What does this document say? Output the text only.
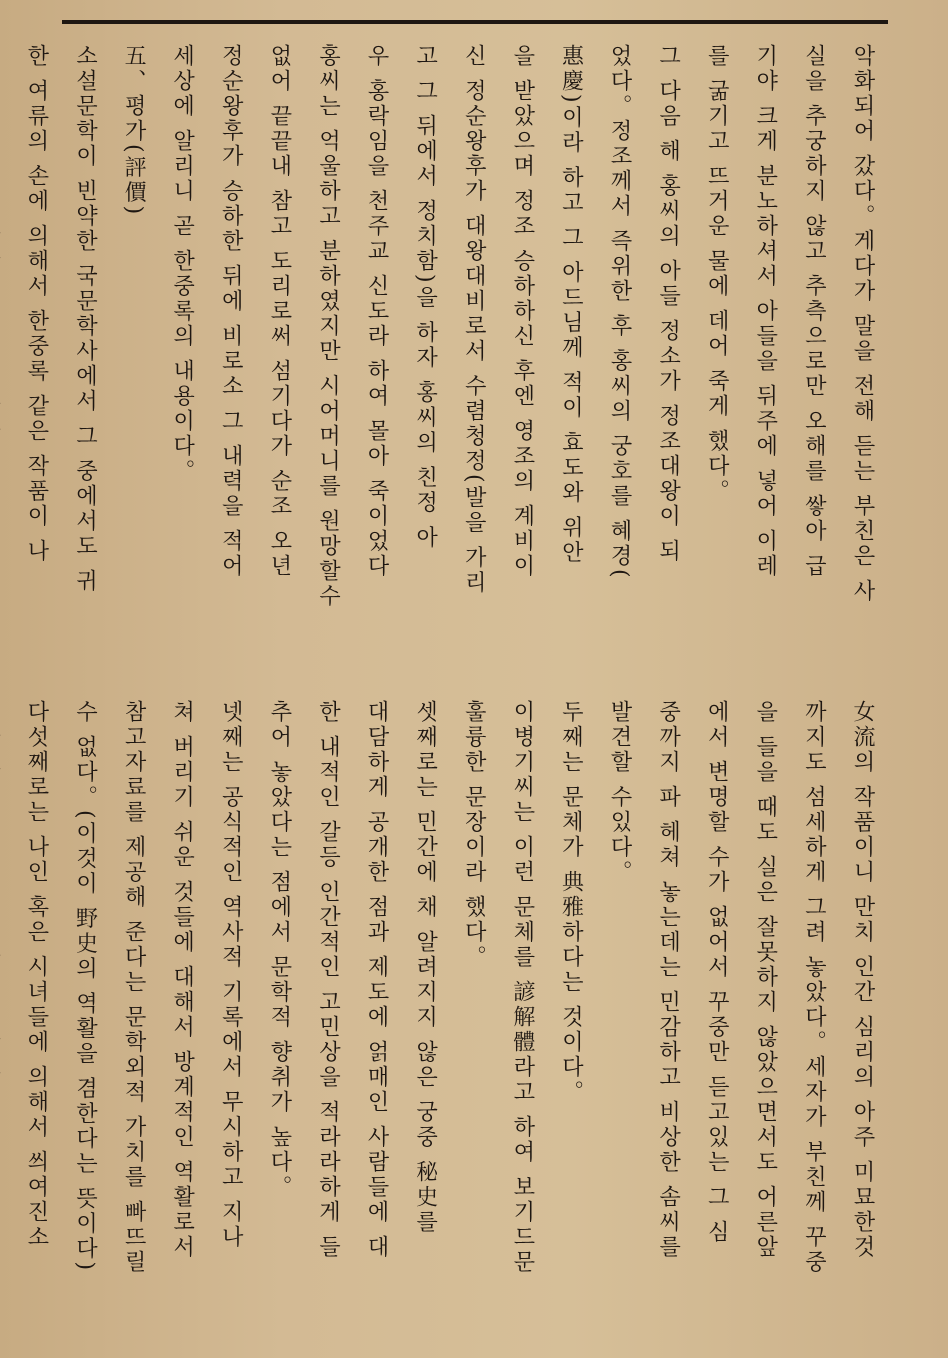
악화되어 갔다。게다가 말을 전해 듣는 부친은 사
실을 추궁하지 않고 추측으로만 오해를 쌓아 급
기야 크게 분노하셔서 아들을 뒤주에 넣어 이레
를 굶기고 뜨거운 물에 데어 죽게 했다。
그 다음 해 홍씨의 아들 정소가 정조대왕이 되
었다。정조께서 즉위한 후 홍씨의 궁호를 혜경(
惠慶)이라 하고 그 아드님께 적이 효도와 위안
을 받았으며 정조 승하하신 후엔 영조의 계비이
신 정순왕후가 대왕대비로서 수렴청정(발을 가리
고 그 뒤에서 정치함)을 하자 홍씨의 친정 아
우 홍락임을 천주교 신도라 하여 몰아 죽이었다
홍씨는 억울하고 분하였지만 시어머니를 원망할수
없어 끝끝내 참고 도리로써 섬기다가 순조 오년
정순왕후가 승하한 뒤에 비로소 그 내력을 적어
세상에 알리니 곧 한중록의 내용이다。
五、평가(評價)
소설문학이 빈약한 국문학사에서 그 중에서도 귀
한 여류의 손에 의해서 한중록 같은 작품이 나
女流의 작품이니 만치 인간 심리의 아주 미묘한것
까지도 섬세하게 그려 놓았다。세자가 부친께 꾸중
을 들을 때도 실은 잘못하지 않았으면서도 어른앞
에서 변명할 수가 없어서 꾸중만 듣고있는 그 심
중까지 파 헤쳐 놓는데는 민감하고 비상한 솜씨를
발견할 수있다。
두째는 문체가 典雅하다는 것이다。
이병기씨는 이런 문체를 諺解體라고 하여 보기드문
훌륭한 문장이라 했다。
셋째로는 민간에 채 알려지지 않은 궁중 秘史를
대담하게 공개한 점과 제도에 얽매인 사람들에 대
한 내적인 갈등 인간적인 고민상을 적라라하게 들
추어 놓았다는 점에서 문학적 향취가 높다。
넷째는 공식적인 역사적 기록에서 무시하고 지나
쳐 버리기 쉬운 것들에 대해서 방계적인 역활로서
참고자료를 제공해 준다는 문학외적 가치를 빠뜨릴
수 없다。(이것이 野史의 역활을 겸한다는 뜻이다)
다섯째로는 나인 혹은 시녀들에 의해서 씌여진소
